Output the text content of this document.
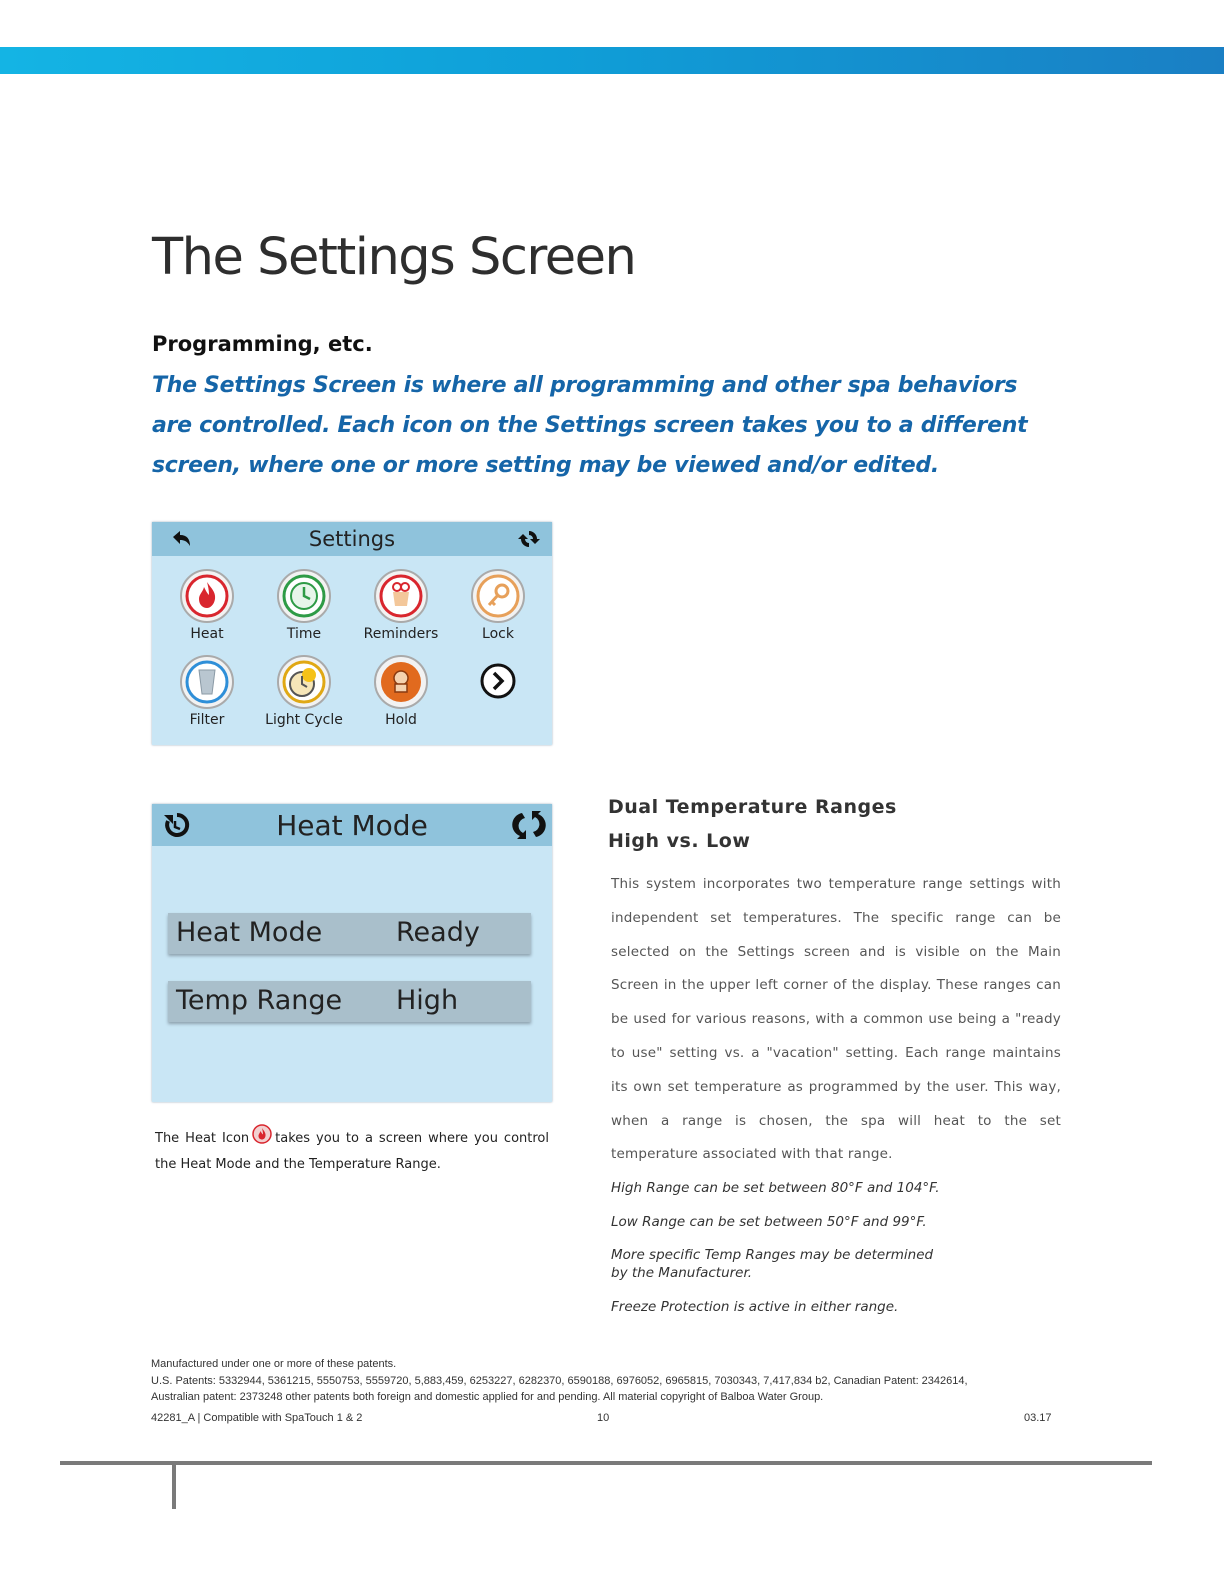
The Settings Screen
Programming, etc.

The Settings Screen is where all programming and other spa behaviors are controlled. Each icon on the Settings screen takes you to a different screen, where one or more setting may be viewed and/or edited.

Settings
Heat	Time	Reminders	Lock
Filter	Light Cycle	Hold
Heat Mode
Heat Mode	Ready
Temp Range High

The Heat Icon takes you to a screen where you control the Heat Mode and the Temperature Range.

Dual Temperature Ranges
High vs. Low

This system incorporates two temperature range settings with independent set temperatures. The specific range can be selected on the Settings screen and is visible on the Main Screen in the upper left corner of the display. These ranges can be used for various reasons, with a common use being a "ready to use" setting vs. a "vacation" setting. Each range maintains its own set temperature as programmed by the user. This way, when a range is chosen, the spa will heat to the set temperature associated with that range.

High Range can be set between 80°F and 104°F.

Low Range can be set between 50°F and 99°F.

More specific Temp Ranges may be determined

by the Manufacturer.

Freeze Protection is active in either range.

Manufactured under one or more of these patents.

U.S. Patents: 5332944, 5361215, 5550753, 5559720, 5,883,459, 6253227, 6282370, 6590188, 6976052, 6965815, 7030343, 7,417,834 b2, Canadian Patent: 2342614,

Australian patent: 2373248 other patents both foreign and domestic applied for and pending. All material copyright of Balboa Water Group.

42281_A | Compatible with SpaTouch 1 & 2	10	03.17
